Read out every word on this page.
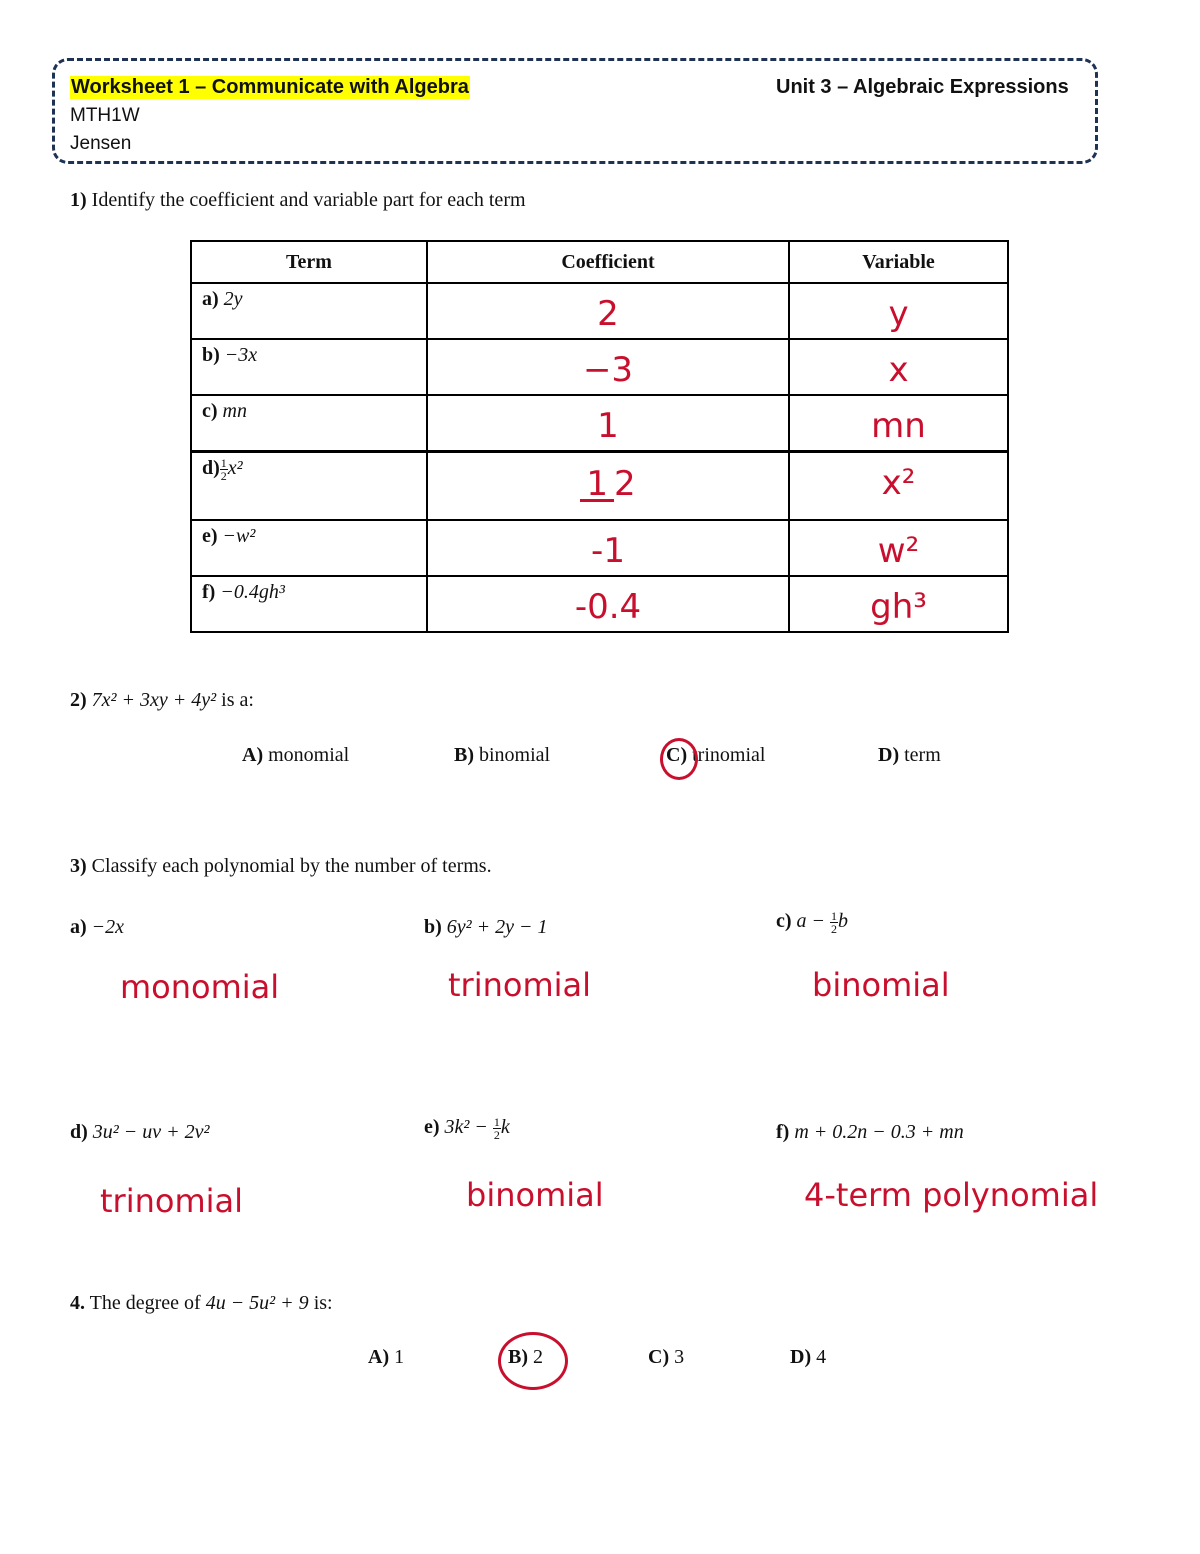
Worksheet 1 – Communicate with Algebra	Unit 3 – Algebraic Expressions
MTH1W
Jensen
1) Identify the coefficient and variable part for each term
Term	Coefficient	Variable
a) 2y	2	y
b) −3x	−3	x
c) mn	1	mn
$d) \frac{1}{2} x^2$	1 2	x²
e) −w²	-1	w²
f) −0.4gh³	-0.4	gh³
2) 7x² + 3xy + 4y² is a:
A) monomial	B) binomial	C) trinomial	D) term
3) Classify each polynomial by the number of terms.
a) −2x	b) 6y² + 2y − 1	c) $a - \frac{1}{2}$ b
monomial	trinomial	binomial
d) 3u² − uv + 2v²	e) $3k^2 - \frac{1}{2}$ k	f) m + 0.2n − 0.3 + mn
trinomial	binomial	4-term polynomial
4. The degree of 4u − 5u² + 9 is:
A) 1	B) 2	C) 3	D) 4
